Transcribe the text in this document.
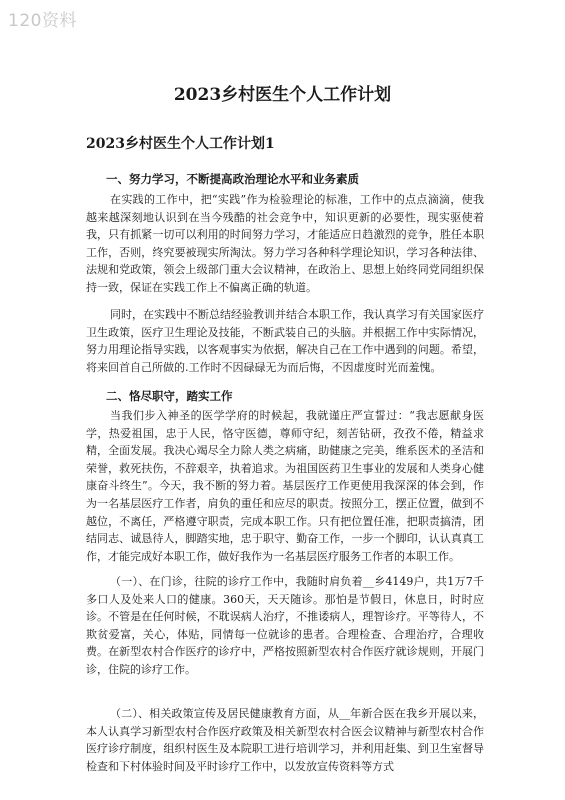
120资料
2023乡村医生个人工作计划
2023乡村医生个人工作计划1
一、努力学习，不断提高政治理论水平和业务素质

在实践的工作中，把“实践”作为检验理论的标准，工作中的点点滴滴，使我越来越深刻地认识到在当今残酷的社会竞争中，知识更新的必要性，现实驱使着我，只有抓紧一切可以利用的时间努力学习，才能适应日趋激烈的竞争，胜任本职工作，否则，终究要被现实所淘汰。努力学习各种科学理论知识，学习各种法律、法规和党政策，领会上级部门重大会议精神，在政治上、思想上始终同党同组织保持一致，保证在实践工作上不偏离正确的轨道。

同时，在实践中不断总结经验教训并结合本职工作，我认真学习有关国家医疗卫生政策，医疗卫生理论及技能，不断武装自己的头脑。并根据工作中实际情况，努力用理论指导实践，以客观事实为依据，解决自己在工作中遇到的问题。希望，将来回首自己所做的.工作时不因碌碌无为而后悔，不因虚度时光而羞愧。

二、恪尽职守，踏实工作

当我们步入神圣的医学学府的时候起，我就谨庄严宣誓过：“我志愿献身医学，热爱祖国，忠于人民，恪守医德，尊师守纪，刻苦钻研，孜孜不倦，精益求精，全面发展。我决心竭尽全力除人类之病痛，助健康之完美，维系医术的圣洁和荣誉，救死扶伤，不辞艰辛，执着追求。为祖国医药卫生事业的发展和人类身心健康奋斗终生”。今天，我不断的努力着。基层医疗工作更使用我深深的体会到，作为一名基层医疗工作者，肩负的重任和应尽的职责。按照分工，摆正位置，做到不越位，不离任，严格遵守职责，完成本职工作。只有把位置任准，把职责搞清，团结同志、诚恳待人，脚踏实地，忠于职守、勤奋工作，一步一个脚印，认认真真工作，才能完成好本职工作，做好我作为一名基层医疗服务工作者的本职工作。

（一）、在门诊，往院的诊疗工作中，我随时肩负着__乡4149户，共1万7千多口人及处来人口的健康。360天，天天随诊。那怕是节假日，休息日，时时应诊。不管是在任何时候，不耽误病人治疗，不推诿病人，理智诊疗。平等待人，不欺贫爱富，关心，体贴，同情每一位就诊的患者。合理检查、合理治疗，合理收费。在新型农村合作医疗的诊疗中，严格按照新型农村合作医疗就诊规则，开展门诊，住院的诊疗工作。

（二）、相关政策宣传及居民健康教育方面，从__年新合医在我乡开展以来，本人认真学习新型农村合作医疗政策及相关新型农村合医会议精神与新型农村合作医疗诊疗制度，组织村医生及本院职工进行培训学习，并利用赶集、到卫生室督导检查和下村体验时间及平时诊疗工作中，以发放宣传资料等方式
